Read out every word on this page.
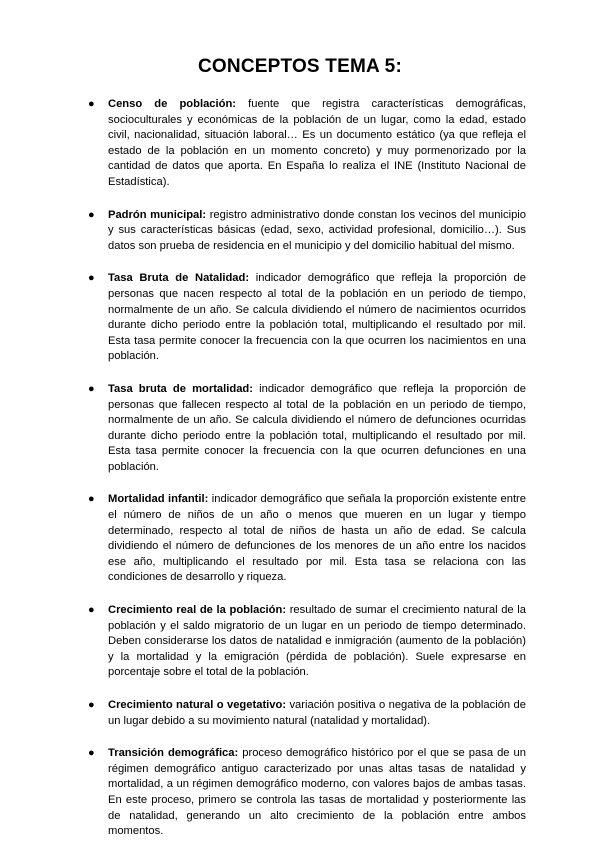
CONCEPTOS TEMA 5:
● Censo de población: fuente que registra características demográficas, socioculturales y económicas de la población de un lugar, como la edad, estado civil, nacionalidad, situación laboral… Es un documento estático (ya que refleja el estado de la población en un momento concreto) y muy pormenorizado por la cantidad de datos que aporta. En España lo realiza el INE (Instituto Nacional de Estadística).

● Padrón municipal: registro administrativo donde constan los vecinos del municipio y sus características básicas (edad, sexo, actividad profesional, domicilio…). Sus datos son prueba de residencia en el municipio y del domicilio habitual del mismo.

● Tasa Bruta de Natalidad: indicador demográfico que refleja la proporción de personas que nacen respecto al total de la población en un periodo de tiempo, normalmente de un año. Se calcula dividiendo el número de nacimientos ocurridos durante dicho periodo entre la población total, multiplicando el resultado por mil. Esta tasa permite conocer la frecuencia con la que ocurren los nacimientos en una población.

● Tasa bruta de mortalidad: indicador demográfico que refleja la proporción de personas que fallecen respecto al total de la población en un periodo de tiempo, normalmente de un año. Se calcula dividiendo el número de defunciones ocurridas durante dicho periodo entre la población total, multiplicando el resultado por mil. Esta tasa permite conocer la frecuencia con la que ocurren defunciones en una población.

● Mortalidad infantil: indicador demográfico que señala la proporción existente entre el número de niños de un año o menos que mueren en un lugar y tiempo determinado, respecto al total de niños de hasta un año de edad. Se calcula dividiendo el número de defunciones de los menores de un año entre los nacidos ese año, multiplicando el resultado por mil. Esta tasa se relaciona con las condiciones de desarrollo y riqueza.

● Crecimiento real de la población: resultado de sumar el crecimiento natural de la población y el saldo migratorio de un lugar en un periodo de tiempo determinado. Deben considerarse los datos de natalidad e inmigración (aumento de la población) y la mortalidad y la emigración (pérdida de población). Suele expresarse en porcentaje sobre el total de la población.

● Crecimiento natural o vegetativo: variación positiva o negativa de la población de un lugar debido a su movimiento natural (natalidad y mortalidad).

● Transición demográfica: proceso demográfico histórico por el que se pasa de un régimen demográfico antiguo caracterizado por unas altas tasas de natalidad y mortalidad, a un régimen demográfico moderno, con valores bajos de ambas tasas. En este proceso, primero se controla las tasas de mortalidad y posteriormente las de natalidad, generando un alto crecimiento de la población entre ambos momentos.
